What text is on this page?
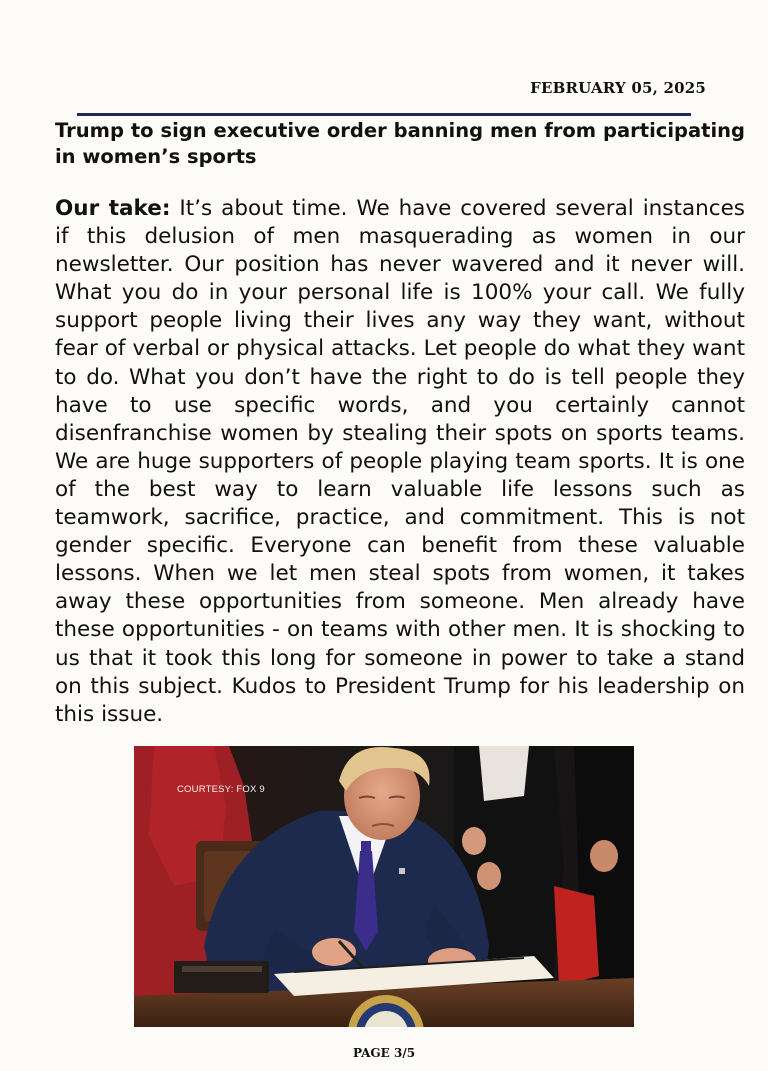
FEBRUARY 05, 2025
Trump to sign executive order banning men from participating in women’s sports

Our take: It’s about time. We have covered several instances if this delusion of men masquerading as women in our newsletter. Our position has never wavered and it never will. What you do in your personal life is 100% your call. We fully support people living their lives any way they want, without fear of verbal or physical attacks. Let people do what they want to do. What you don’t have the right to do is tell people they have to use specific words, and you certainly cannot disenfranchise women by stealing their spots on sports teams.  We are huge supporters of people playing team sports. It is one of the best way to learn valuable life lessons such as teamwork, sacrifice, practice, and commitment. This is not gender specific. Everyone can benefit from these valuable lessons. When we let men steal spots from women, it takes away these opportunities from someone. Men already have these opportunities - on teams with other men. It is shocking to us that it took this long for someone in power to take a stand on this subject. Kudos to President Trump for his leadership on this issue.

COURTESY: FOX 9
PAGE 3/5
